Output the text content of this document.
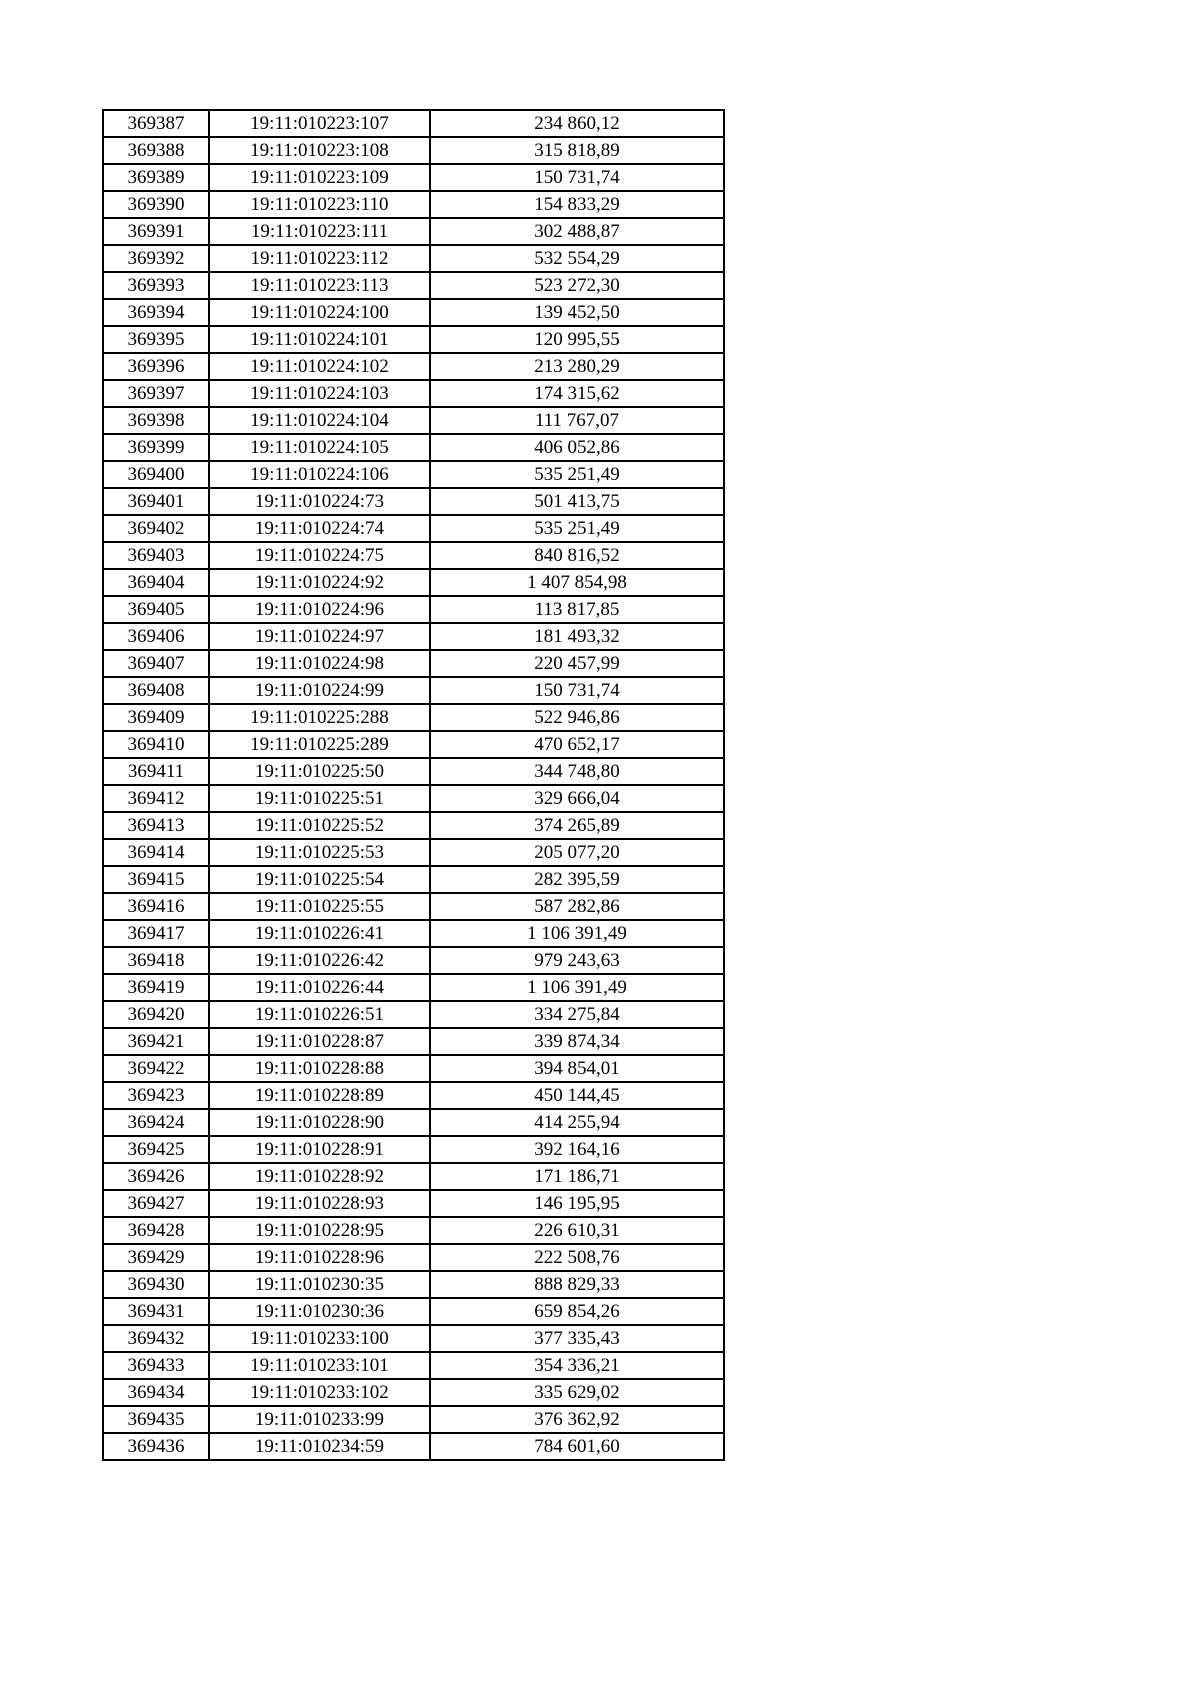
369387	19:11:010223:107	234 860,12
369388	19:11:010223:108	315 818,89
369389	19:11:010223:109	150 731,74
369390	19:11:010223:110	154 833,29
369391	19:11:010223:111	302 488,87
369392	19:11:010223:112	532 554,29
369393	19:11:010223:113	523 272,30
369394	19:11:010224:100	139 452,50
369395	19:11:010224:101	120 995,55
369396	19:11:010224:102	213 280,29
369397	19:11:010224:103	174 315,62
369398	19:11:010224:104	111 767,07
369399	19:11:010224:105	406 052,86
369400	19:11:010224:106	535 251,49
369401	19:11:010224:73	501 413,75
369402	19:11:010224:74	535 251,49
369403	19:11:010224:75	840 816,52
369404	19:11:010224:92	1 407 854,98
369405	19:11:010224:96	113 817,85
369406	19:11:010224:97	181 493,32
369407	19:11:010224:98	220 457,99
369408	19:11:010224:99	150 731,74
369409	19:11:010225:288	522 946,86
369410	19:11:010225:289	470 652,17
369411	19:11:010225:50	344 748,80
369412	19:11:010225:51	329 666,04
369413	19:11:010225:52	374 265,89
369414	19:11:010225:53	205 077,20
369415	19:11:010225:54	282 395,59
369416	19:11:010225:55	587 282,86
369417	19:11:010226:41	1 106 391,49
369418	19:11:010226:42	979 243,63
369419	19:11:010226:44	1 106 391,49
369420	19:11:010226:51	334 275,84
369421	19:11:010228:87	339 874,34
369422	19:11:010228:88	394 854,01
369423	19:11:010228:89	450 144,45
369424	19:11:010228:90	414 255,94
369425	19:11:010228:91	392 164,16
369426	19:11:010228:92	171 186,71
369427	19:11:010228:93	146 195,95
369428	19:11:010228:95	226 610,31
369429	19:11:010228:96	222 508,76
369430	19:11:010230:35	888 829,33
369431	19:11:010230:36	659 854,26
369432	19:11:010233:100	377 335,43
369433	19:11:010233:101	354 336,21
369434	19:11:010233:102	335 629,02
369435	19:11:010233:99	376 362,92
369436	19:11:010234:59	784 601,60
